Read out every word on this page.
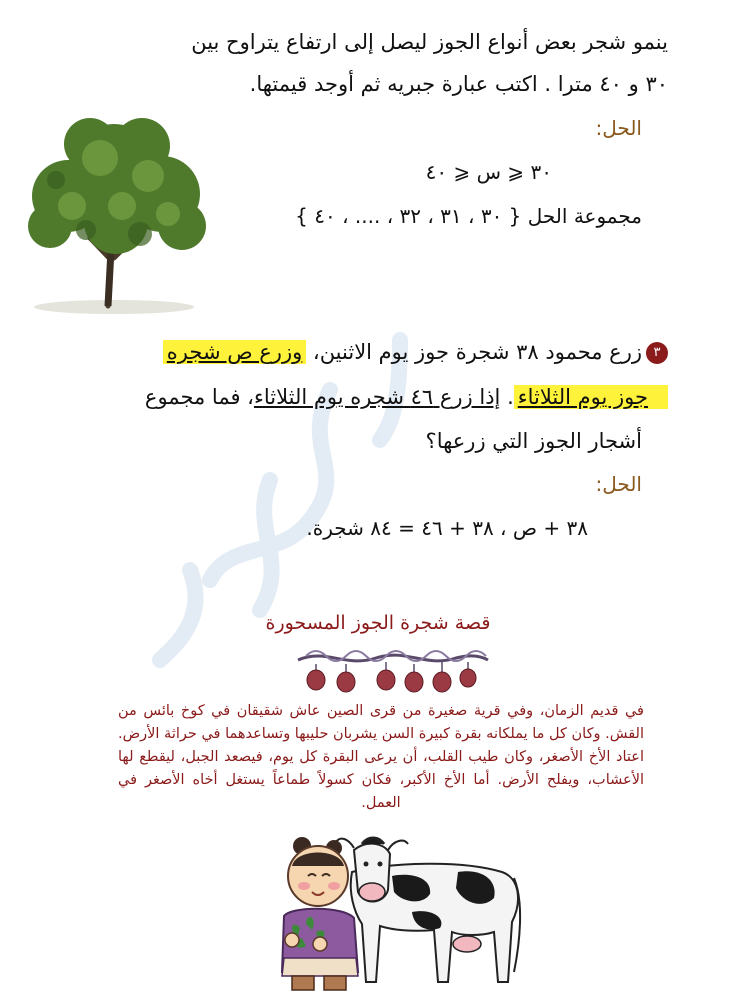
ينمو شجر بعض أنواع الجوز ليصل إلى ارتفاع يتراوح بين
٣٠ و ٤٠ مترا . اكتب عبارة جبريه ثم أوجد قيمتها.
الحل:
٣٠ ⩽ س ⩽ ٤٠
مجموعة الحل { ٣٠ ، ٣١ ، ٣٢ ، .... ، ٤٠ }
٣زرع محمود ٣٨ شجرة جوز يوم الاثنين، وزرع ص شجره
جوز يوم الثلاثاء. إذا زرع ٤٦ شجره يوم الثلاثاء، فما مجموع
أشجار الجوز التي زرعها؟
الحل:
٣٨ + ص ، ٣٨ + ٤٦ = ٨٤ شجرة.
قصة شجرة الجوز المسحورة
في قديم الزمان، وفي قرية صغيرة من قرى الصين عاش شقيقان في كوخ بائس من القش. وكان كل ما يملكانه بقرة كبيرة السن يشربان حليبها وتساعدهما في حراثة الأرض. اعتاد الأخ الأصغر، وكان طيب القلب، أن يرعى البقرة كل يوم، فيصعد الجبل، ليقطع لها الأعشاب، ويفلح الأرض. أما الأخ الأكبر، فكان كسولاً طماعاً يستغل أخاه الأصغر في العمل.
